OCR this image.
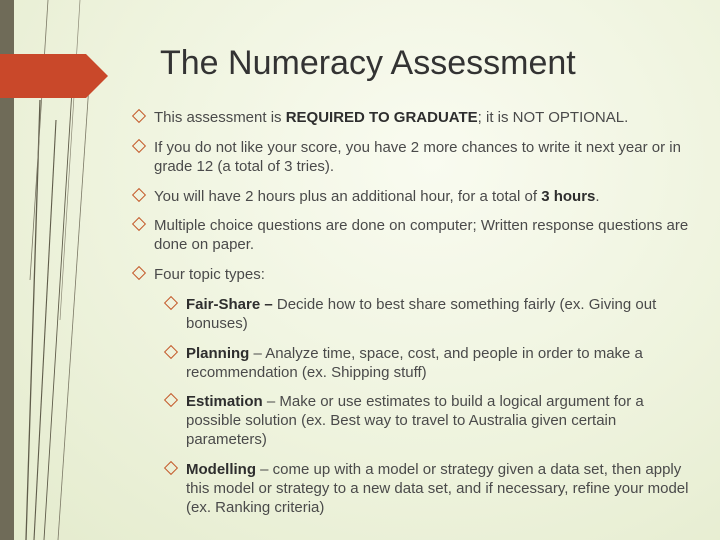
The Numeracy Assessment
This assessment is REQUIRED TO GRADUATE; it is NOT OPTIONAL.
If you do not like your score, you have 2 more chances to write it next year or in grade 12 (a total of 3 tries).
You will have 2 hours plus an additional hour, for a total of 3 hours.
Multiple choice questions are done on computer; Written response questions are done on paper.
Four topic types:
Fair-Share – Decide how to best share something fairly (ex. Giving out bonuses)
Planning – Analyze time, space, cost, and people in order to make a recommendation (ex. Shipping stuff)
Estimation – Make or use estimates to build a logical argument for a possible solution (ex. Best way to travel to Australia given certain parameters)
Modelling – come up with a model or strategy given a data set, then apply this model or strategy to a new data set, and if necessary, refine your model (ex. Ranking criteria)
